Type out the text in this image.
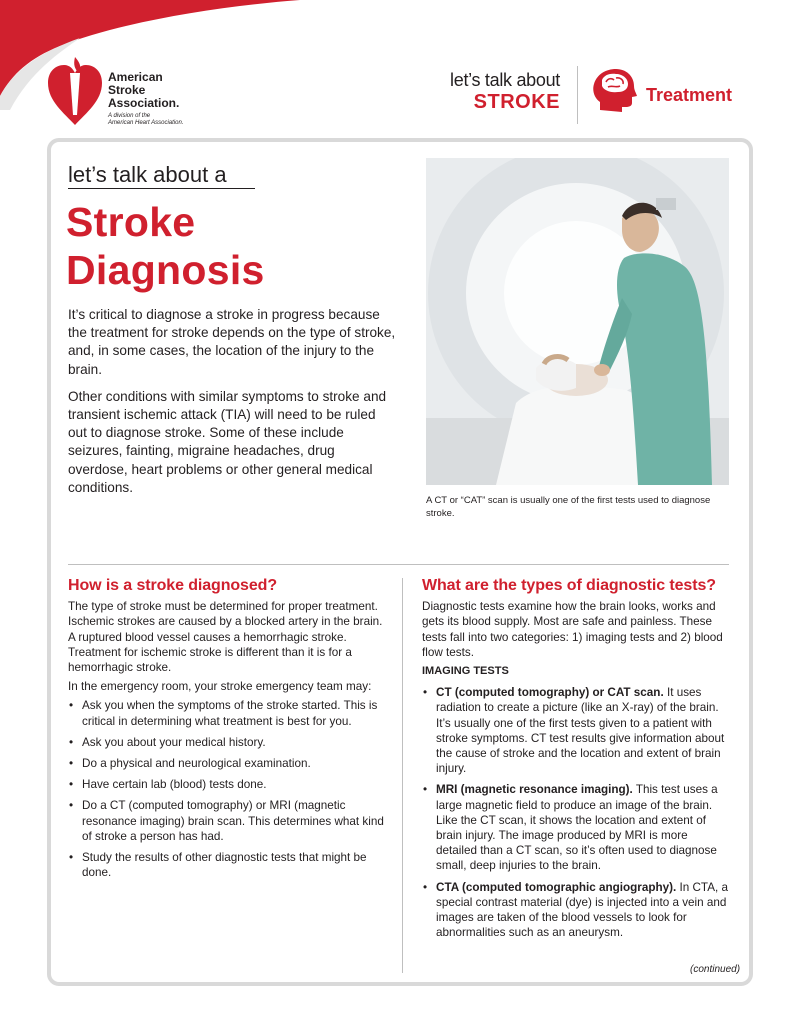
American
Stroke
Association.
A division of the
American Heart Association.
let’s talk about
STROKE	Treatment
let’s talk about a
Stroke
Diagnosis

It’s critical to diagnose a stroke in progress because the treatment for stroke depends on the type of stroke, and, in some cases, the location of the injury to the brain.

Other conditions with similar symptoms to stroke and transient ischemic attack (TIA) will need to be ruled out to diagnose stroke. Some of these include seizures, fainting, migraine headaches, drug overdose, heart problems or other general medical conditions.

A CT or “CAT” scan is usually one of the first tests used to diagnose stroke.
How is a stroke diagnosed?

The type of stroke must be determined for proper treatment. Ischemic strokes are caused by a blocked artery in the brain. A ruptured blood vessel causes a hemorrhagic stroke. Treatment for ischemic stroke is different than it is for a hemorrhagic stroke.

In the emergency room, your stroke emergency team may:

• Ask you when the symptoms of the stroke started. This is critical in determining what treatment is best for you.
• Ask you about your medical history.
• Do a physical and neurological examination.
• Have certain lab (blood) tests done.
• Do a CT (computed tomography) or MRI (magnetic resonance imaging) brain scan. This determines what kind of stroke a person has had.
• Study the results of other diagnostic tests that might be done.
What are the types of diagnostic tests?

Diagnostic tests examine how the brain looks, works and gets its blood supply. Most are safe and painless. These tests fall into two categories: 1) imaging tests and 2) blood flow tests.

IMAGING TESTS
• CT (computed tomography) or CAT scan. It uses radiation to create a picture (like an X-ray) of the brain. It’s usually one of the first tests given to a patient with stroke symptoms. CT test results give information about the cause of stroke and the location and extent of brain injury.
• MRI (magnetic resonance imaging). This test uses a large magnetic field to produce an image of the brain. Like the CT scan, it shows the location and extent of brain injury. The image produced by MRI is more detailed than a CT scan, so it’s often used to diagnose small, deep injuries to the brain.
• CTA (computed tomographic angiography). In CTA, a special contrast material (dye) is injected into a vein and images are taken of the blood vessels to look for abnormalities such as an aneurysm.
(continued)
